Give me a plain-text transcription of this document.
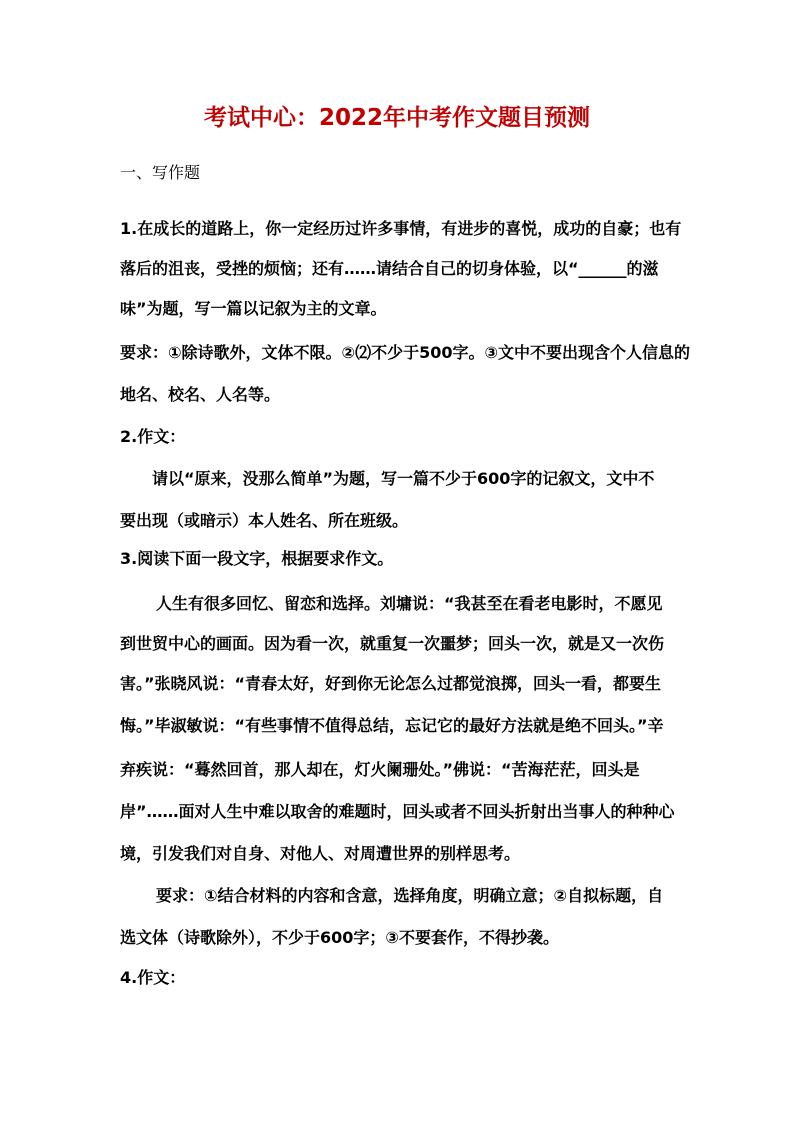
考试中心：2022年中考作文题目预测
一、写作题
1.在成长的道路上，你一定经历过许多事情，有进步的喜悦，成功的自豪；也有
落后的沮丧，受挫的烦恼；还有……请结合自己的切身体验，以“______的滋
味”为题，写一篇以记叙为主的文章。
要求：①除诗歌外，文体不限。②⑵不少于500字。③文中不要出现含个人信息的
地名、校名、人名等。
2.作文：
请以“原来，没那么简单”为题，写一篇不少于600字的记叙文，文中不
要出现（或暗示）本人姓名、所在班级。
3.阅读下面一段文字，根据要求作文。
人生有很多回忆、留恋和选择。刘墉说：“我甚至在看老电影时，不愿见
到世贸中心的画面。因为看一次，就重复一次噩梦；回头一次，就是又一次伤
害。”张晓风说：“青春太好，好到你无论怎么过都觉浪掷，回头一看，都要生
悔。”毕淑敏说：“有些事情不值得总结，忘记它的最好方法就是绝不回头。”辛
弃疾说：“蓦然回首，那人却在，灯火阑珊处。”佛说：“苦海茫茫，回头是
岸”……面对人生中难以取舍的难题时，回头或者不回头折射出当事人的种种心
境，引发我们对自身、对他人、对周遭世界的别样思考。
要求：①结合材料的内容和含意，选择角度，明确立意；②自拟标题，自
选文体（诗歌除外），不少于600字；③不要套作，不得抄袭。
4.作文：
